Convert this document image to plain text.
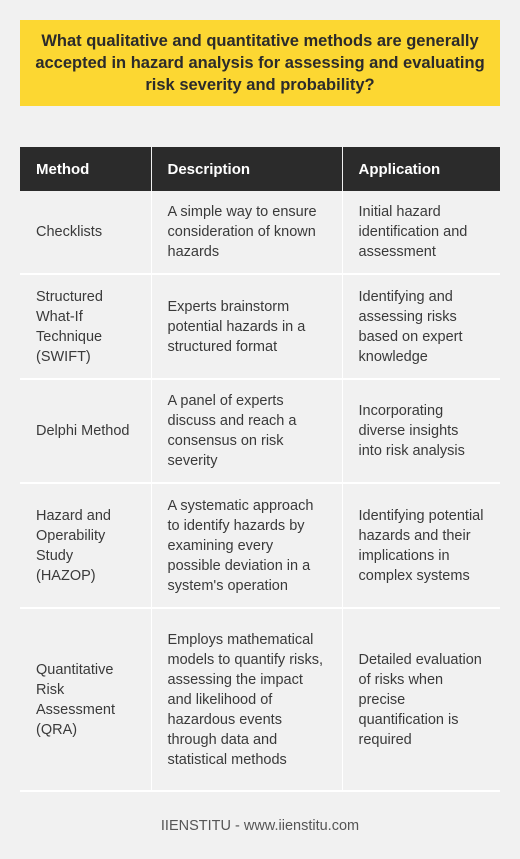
What qualitative and quantitative methods are generally accepted in hazard analysis for assessing and evaluating risk severity and probability?
Method	Description	Application
Checklists	A simple way to ensure consideration of known hazards	Initial hazard identification and assessment
Structured What-If Technique (SWIFT)	Experts brainstorm potential hazards in a structured format	Identifying and assessing risks based on expert knowledge
Delphi Method	A panel of experts discuss and reach a consensus on risk severity	Incorporating diverse insights into risk analysis
Hazard and Operability Study (HAZOP)	A systematic approach to identify hazards by examining every possible deviation in a system's operation	Identifying potential hazards and their implications in complex systems
Quantitative Risk Assessment (QRA)	Employs mathematical models to quantify risks, assessing the impact and likelihood of hazardous events through data and statistical methods	Detailed evaluation of risks when precise quantification is required
IIENSTITU - www.iienstitu.com
